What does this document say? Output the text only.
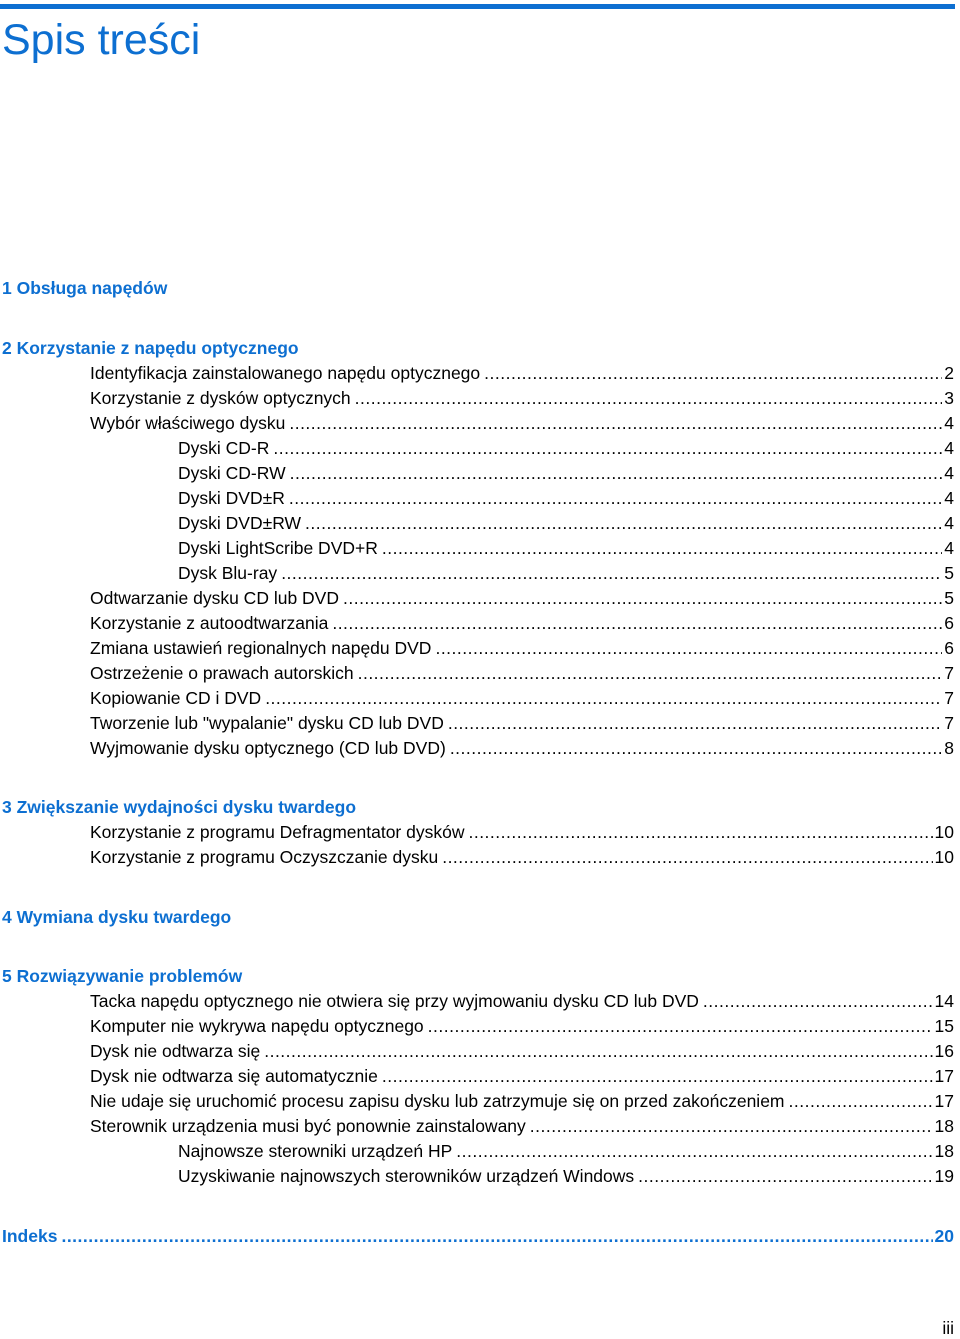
Spis treści
1 Obsługa napędów
2 Korzystanie z napędu optycznego
Identyfikacja zainstalowanego napędu optycznego .....	2
Korzystanie z dysków optycznych .....	3
Wybór właściwego dysku .....	4
Dyski CD-R .....	4
Dyski CD-RW .....	4
Dyski DVD±R .....	4
Dyski DVD±RW .....	4
Dyski LightScribe DVD+R .....	4
Dysk Blu-ray .....	5
Odtwarzanie dysku CD lub DVD .....	5
Korzystanie z autoodtwarzania .....	6
Zmiana ustawień regionalnych napędu DVD .....	6
Ostrzeżenie o prawach autorskich .....	7
Kopiowanie CD i DVD .....	7
Tworzenie lub "wypalanie" dysku CD lub DVD .....	7
Wyjmowanie dysku optycznego (CD lub DVD) .....	8
3 Zwiększanie wydajności dysku twardego
Korzystanie z programu Defragmentator dysków .....	10
Korzystanie z programu Oczyszczanie dysku .....	10
4 Wymiana dysku twardego
5 Rozwiązywanie problemów
Tacka napędu optycznego nie otwiera się przy wyjmowaniu dysku CD lub DVD .....	14
Komputer nie wykrywa napędu optycznego .....	15
Dysk nie odtwarza się .....	16
Dysk nie odtwarza się automatycznie .....	17
Nie udaje się uruchomić procesu zapisu dysku lub zatrzymuje się on przed zakończeniem .....	17
Sterownik urządzenia musi być ponownie zainstalowany .....	18
Najnowsze sterowniki urządzeń HP .....	18
Uzyskiwanie najnowszych sterowników urządzeń Windows .....	19
Indeks .....	20
iii
